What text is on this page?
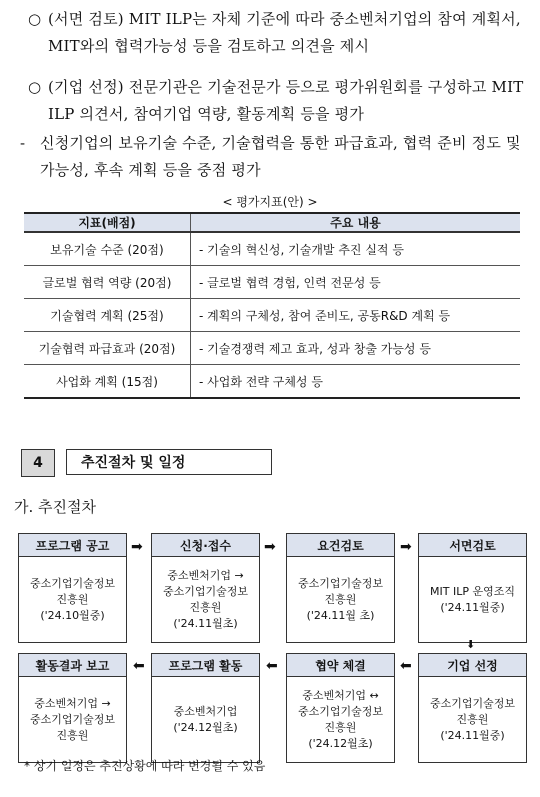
○ (서면 검토) MIT ILP는 자체 기준에 따라 중소벤처기업의 참여 계획서, MIT와의 협력가능성 등을 검토하고 의견을 제시
○ (기업 선정) 전문기관은 기술전문가 등으로 평가위원회를 구성하고 MIT ILP 의견서, 참여기업 역량, 활동계획 등을 평가
- 신청기업의 보유기술 수준, 기술협력을 통한 파급효과, 협력 준비 정도 및 가능성, 후속 계획 등을 중점 평가
< 평가지표(안) >
지표(배점)	주요 내용
보유기술 수준 (20점)	- 기술의 혁신성, 기술개발 추진 실적 등
글로벌 협력 역량 (20점)	- 글로벌 협력 경험, 인력 전문성 등
기술협력 계획 (25점)	- 계획의 구체성, 참여 준비도, 공동R&D 계획 등
기술협력 파급효과 (20점)	- 기술경쟁력 제고 효과, 성과 창출 가능성 등
사업화 계획 (15점)	- 사업화 전략 구체성 등
4	추진절차 및 일정
가. 추진절차
프로그램 공고
중소기업기술정보
진흥원
('24.10월중)
➡	신청·접수
중소벤처기업 →
중소기업기술정보
진흥원
('24.11월초)
➡	요건검토
중소기업기술정보
진흥원
('24.11월 초)
➡	서면검토
MIT ILP 운영조직
('24.11월중)
⬇
활동결과 보고
중소벤처기업 →
중소기업기술정보
진흥원
⬅	프로그램 활동
중소벤처기업
('24.12월초)
⬅	협약 체결
중소벤처기업 ↔
중소기업기술정보
진흥원
('24.12월초)
⬅	기업 선정
중소기업기술정보
진흥원
('24.11월중)
* 상기 일정은 추진상황에 따라 변경될 수 있음
